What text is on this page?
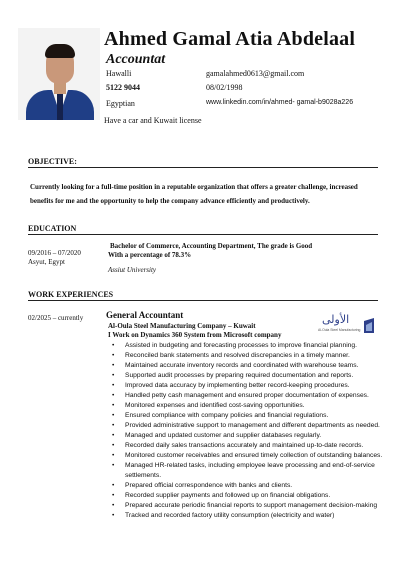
Ahmed Gamal Atia Abdelaal
Accountat
Hawalli	gamalahmed0613@gmail.com
5122 9044	08/02/1998
Egyptian	www.linkedin.com/in/ahmed- gamal-b9028a226
Have a car and Kuwait license
OBJECTIVE:
Currently looking for a full-time position in a reputable organization that offers a greater challenge, increased benefits for me and the opportunity to help the company advance efficiently and productively.
EDUCATION
09/2016 – 07/2020
Asyut, Egypt
Bachelor of Commerce, Accounting Department, The grade is Good
With a percentage of 78.3%
Assiut University
WORK EXPERIENCES
02/2025 – currently	General Accountant
Al-Oula Steel Manufacturing Company – Kuwait
I Work on Dynamics 360 System from Microsoft company
الأولى
Al-Oula Steel Manufacturing
• Assisted in budgeting and forecasting processes to improve financial planning.
• Reconciled bank statements and resolved discrepancies in a timely manner.
• Maintained accurate inventory records and coordinated with warehouse teams.
• Supported audit processes by preparing required documentation and reports.
• Improved data accuracy by implementing better record-keeping procedures.
• Handled petty cash management and ensured proper documentation of expenses.
• Monitored expenses and identified cost-saving opportunities.
• Ensured compliance with company policies and financial regulations.
• Provided administrative support to management and different departments as needed.
• Managed and updated customer and supplier databases regularly.
• Recorded daily sales transactions accurately and maintained up-to-date records.
• Monitored customer receivables and ensured timely collection of outstanding balances.
• Managed HR-related tasks, including employee leave processing and end-of-service settlements.
• Prepared official correspondence with banks and clients.
• Recorded supplier payments and followed up on financial obligations.
• Prepared accurate periodic financial reports to support management decision-making
• Tracked and recorded factory utility consumption (electricity and water)
